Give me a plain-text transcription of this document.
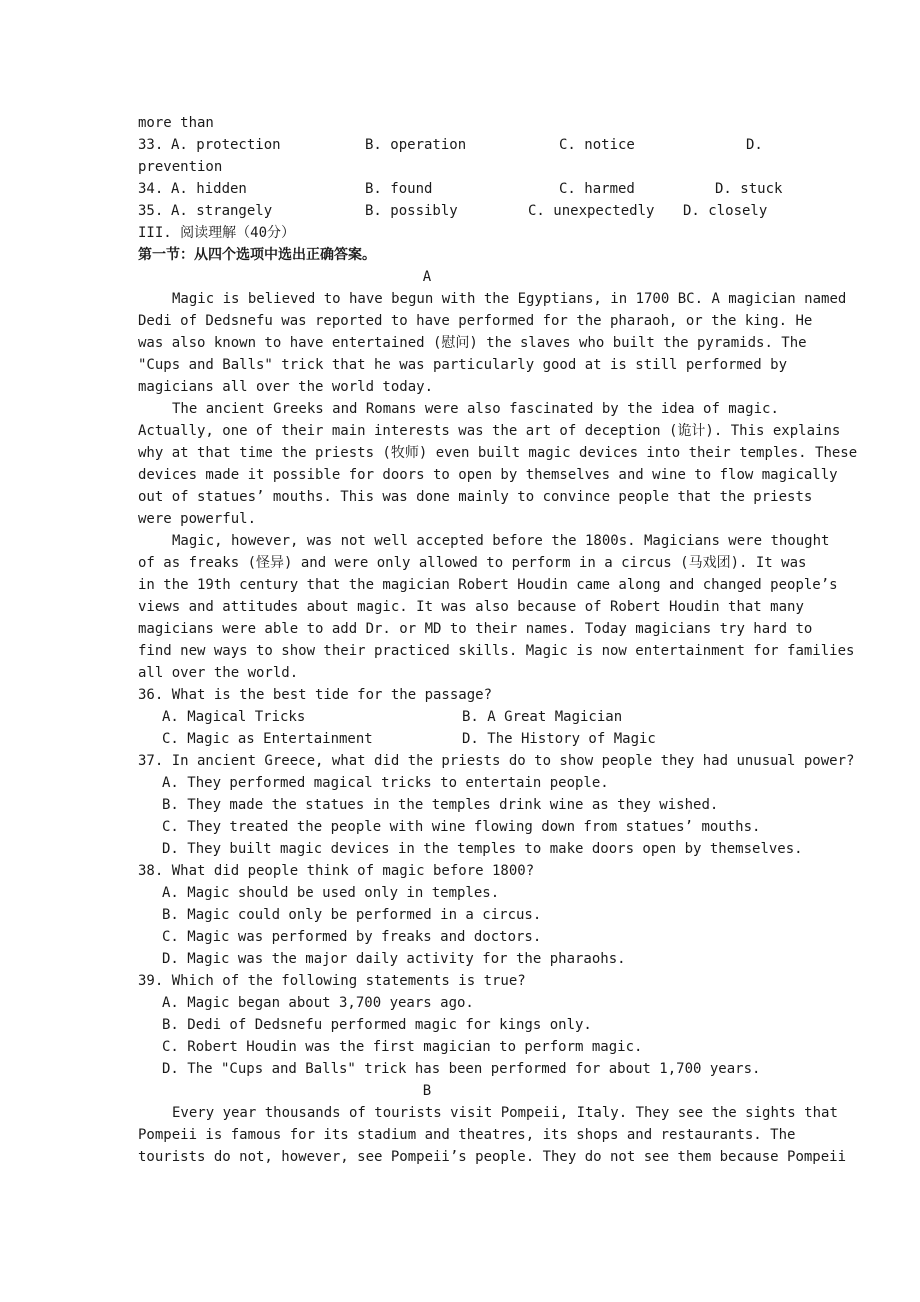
more than
33. A. protection	B. operation	C. notice	D.
prevention
34. A. hidden	B. found	C. harmed	D. stuck
35. A. strangely	B. possibly	C. unexpectedly D. closely
III. 阅读理解（40分）
第一节：从四个选项中选出正确答案。
A
Magic is believed to have begun with the Egyptians, in 1700 BC. A magician named
Dedi of Dedsnefu was reported to have performed for the pharaoh, or the king. He
was also known to have entertained (慰问) the slaves who built the pyramids. The
"Cups and Balls" trick that he was particularly good at is still performed by
magicians all over the world today.
The ancient Greeks and Romans were also fascinated by the idea of magic.
Actually, one of their main interests was the art of deception (诡计). This explains
why at that time the priests (牧师) even built magic devices into their temples. These
devices made it possible for doors to open by themselves and wine to flow magically
out of statues’ mouths. This was done mainly to convince people that the priests
were powerful.
Magic, however, was not well accepted before the 1800s. Magicians were thought
of as freaks (怪异) and were only allowed to perform in a circus (马戏团). It was
in the 19th century that the magician Robert Houdin came along and changed people’s
views and attitudes about magic. It was also because of Robert Houdin that many
magicians were able to add Dr. or MD to their names. Today magicians try hard to
find new ways to show their practiced skills. Magic is now entertainment for families
all over the world.
36. What is the best tide for the passage?
A. Magical Tricks	B. A Great Magician
C. Magic as Entertainment	D. The History of Magic
37. In ancient Greece, what did the priests do to show people they had unusual power?
A. They performed magical tricks to entertain people.
B. They made the statues in the temples drink wine as they wished.
C. They treated the people with wine flowing down from statues’ mouths.
D. They built magic devices in the temples to make doors open by themselves.
38. What did people think of magic before 1800?
A. Magic should be used only in temples.
B. Magic could only be performed in a circus.
C. Magic was performed by freaks and doctors.
D. Magic was the major daily activity for the pharaohs.
39. Which of the following statements is true?
A. Magic began about 3,700 years ago.
B. Dedi of Dedsnefu performed magic for kings only.
C. Robert Houdin was the first magician to perform magic.
D. The "Cups and Balls" trick has been performed for about 1,700 years.
B
Every year thousands of tourists visit Pompeii, Italy. They see the sights that
Pompeii is famous for its stadium and theatres, its shops and restaurants. The
tourists do not, however, see Pompeii’s people. They do not see them because Pompeii
